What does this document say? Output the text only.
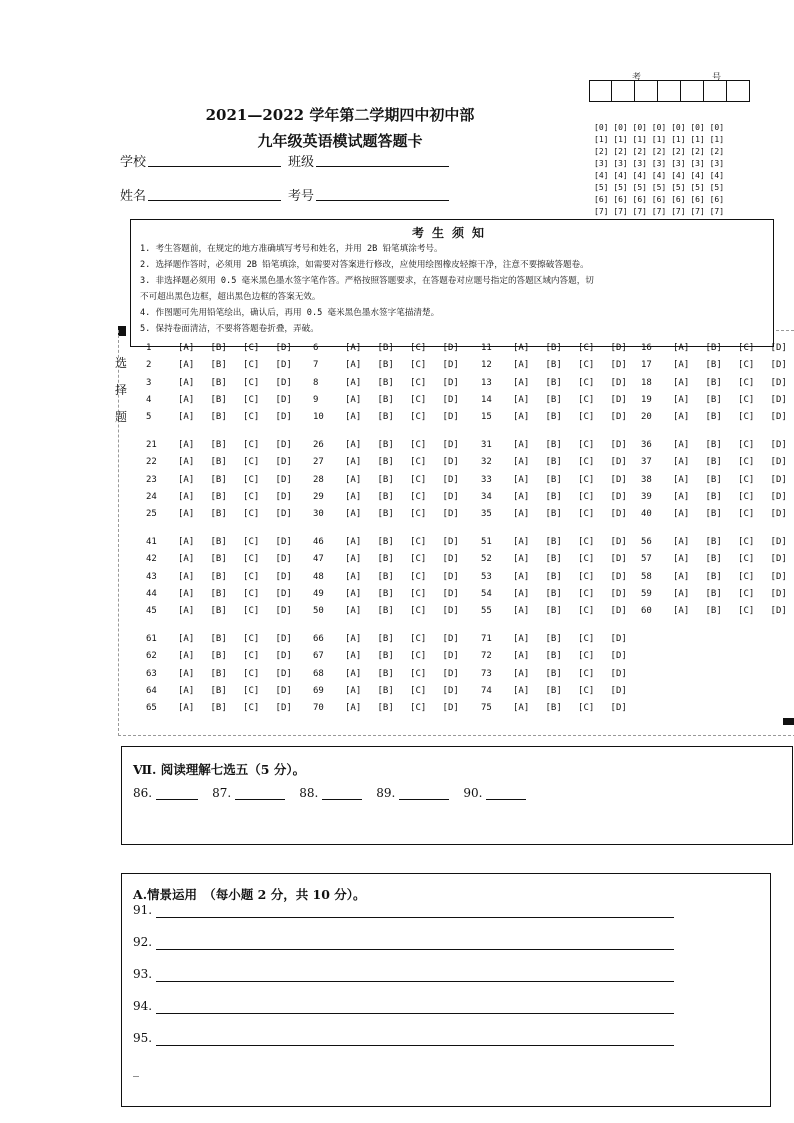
2021—2022 学年第二学期四中初中部
九年级英语模试题答题卡
学校	班级
姓名	考号
考	号
[0] [0] [0] [0] [0] [0] [0]
[1] [1] [1] [1] [1] [1] [1]
[2] [2] [2] [2] [2] [2] [2]
[3] [3] [3] [3] [3] [3] [3]
[4] [4] [4] [4] [4] [4] [4]
[5] [5] [5] [5] [5] [5] [5]
[6] [6] [6] [6] [6] [6] [6]
[7] [7] [7] [7] [7] [7] [7]
考生须知
1. 考生答题前，在规定的地方准确填写考号和姓名，并用 2B 铅笔填涂考号。
2. 选择题作答时，必须用 2B 铅笔填涂，如需要对答案进行修改，应使用绘图橡皮轻擦干净，注意不要擦破答题卷。
3. 非选择题必须用 0.5 毫米黑色墨水签字笔作答。严格按照答题要求，在答题卷对应题号指定的答题区域内答题，切
不可超出黑色边框，超出黑色边框的答案无效。
4. 作图题可先用铅笔绘出，确认后，再用 0.5 毫米黑色墨水签字笔描清楚。
5. 保持卷面清洁，不要将答题卷折叠，弄破。
选
择
题
1	[A]   [B]   [C]   [D]
2	[A]   [B]   [C]   [D]
3	[A]   [B]   [C]   [D]
4	[A]   [B]   [C]   [D]
5	[A]   [B]   [C]   [D]
6	[A]   [B]   [C]   [D]
7	[A]   [B]   [C]   [D]
8	[A]   [B]   [C]   [D]
9	[A]   [B]   [C]   [D]
10 [A]   [B]   [C]   [D]
11 [A]   [B]   [C]   [D]
12 [A]   [B]   [C]   [D]
13 [A]   [B]   [C]   [D]
14 [A]   [B]   [C]   [D]
15 [A]   [B]   [C]   [D]
16 [A]   [B]   [C]   [D]
17 [A]   [B]   [C]   [D]
18 [A]   [B]   [C]   [D]
19 [A]   [B]   [C]   [D]
20 [A]   [B]   [C]   [D]
21 [A]   [B]   [C]   [D]
22 [A]   [B]   [C]   [D]
23 [A]   [B]   [C]   [D]
24 [A]   [B]   [C]   [D]
25 [A]   [B]   [C]   [D]
26 [A]   [B]   [C]   [D]
27 [A]   [B]   [C]   [D]
28 [A]   [B]   [C]   [D]
29 [A]   [B]   [C]   [D]
30 [A]   [B]   [C]   [D]
31 [A]   [B]   [C]   [D]
32 [A]   [B]   [C]   [D]
33 [A]   [B]   [C]   [D]
34 [A]   [B]   [C]   [D]
35 [A]   [B]   [C]   [D]
36 [A]   [B]   [C]   [D]
37 [A]   [B]   [C]   [D]
38 [A]   [B]   [C]   [D]
39 [A]   [B]   [C]   [D]
40 [A]   [B]   [C]   [D]
41 [A]   [B]   [C]   [D]
42 [A]   [B]   [C]   [D]
43 [A]   [B]   [C]   [D]
44 [A]   [B]   [C]   [D]
45 [A]   [B]   [C]   [D]
46 [A]   [B]   [C]   [D]
47 [A]   [B]   [C]   [D]
48 [A]   [B]   [C]   [D]
49 [A]   [B]   [C]   [D]
50 [A]   [B]   [C]   [D]
51 [A]   [B]   [C]   [D]
52 [A]   [B]   [C]   [D]
53 [A]   [B]   [C]   [D]
54 [A]   [B]   [C]   [D]
55 [A]   [B]   [C]   [D]
56 [A]   [B]   [C]   [D]
57 [A]   [B]   [C]   [D]
58 [A]   [B]   [C]   [D]
59 [A]   [B]   [C]   [D]
60 [A]   [B]   [C]   [D]
61 [A]   [B]   [C]   [D]
62 [A]   [B]   [C]   [D]
63 [A]   [B]   [C]   [D]
64 [A]   [B]   [C]   [D]
65 [A]   [B]   [C]   [D]
66 [A]   [B]   [C]   [D]
67 [A]   [B]   [C]   [D]
68 [A]   [B]   [C]   [D]
69 [A]   [B]   [C]   [D]
70 [A]   [B]   [C]   [D]
71 [A]   [B]   [C]   [D]
72 [A]   [B]   [C]   [D]
73 [A]   [B]   [C]   [D]
74 [A]   [B]   [C]   [D]
75 [A]   [B]   [C]   [D]
Ⅶ. 阅读理解七选五（5 分）。
86.	87.	88.	89.	90.
A.情景运用　（每小题 2 分，共 10 分）。
91.
92.
93.
94.
95.
_
